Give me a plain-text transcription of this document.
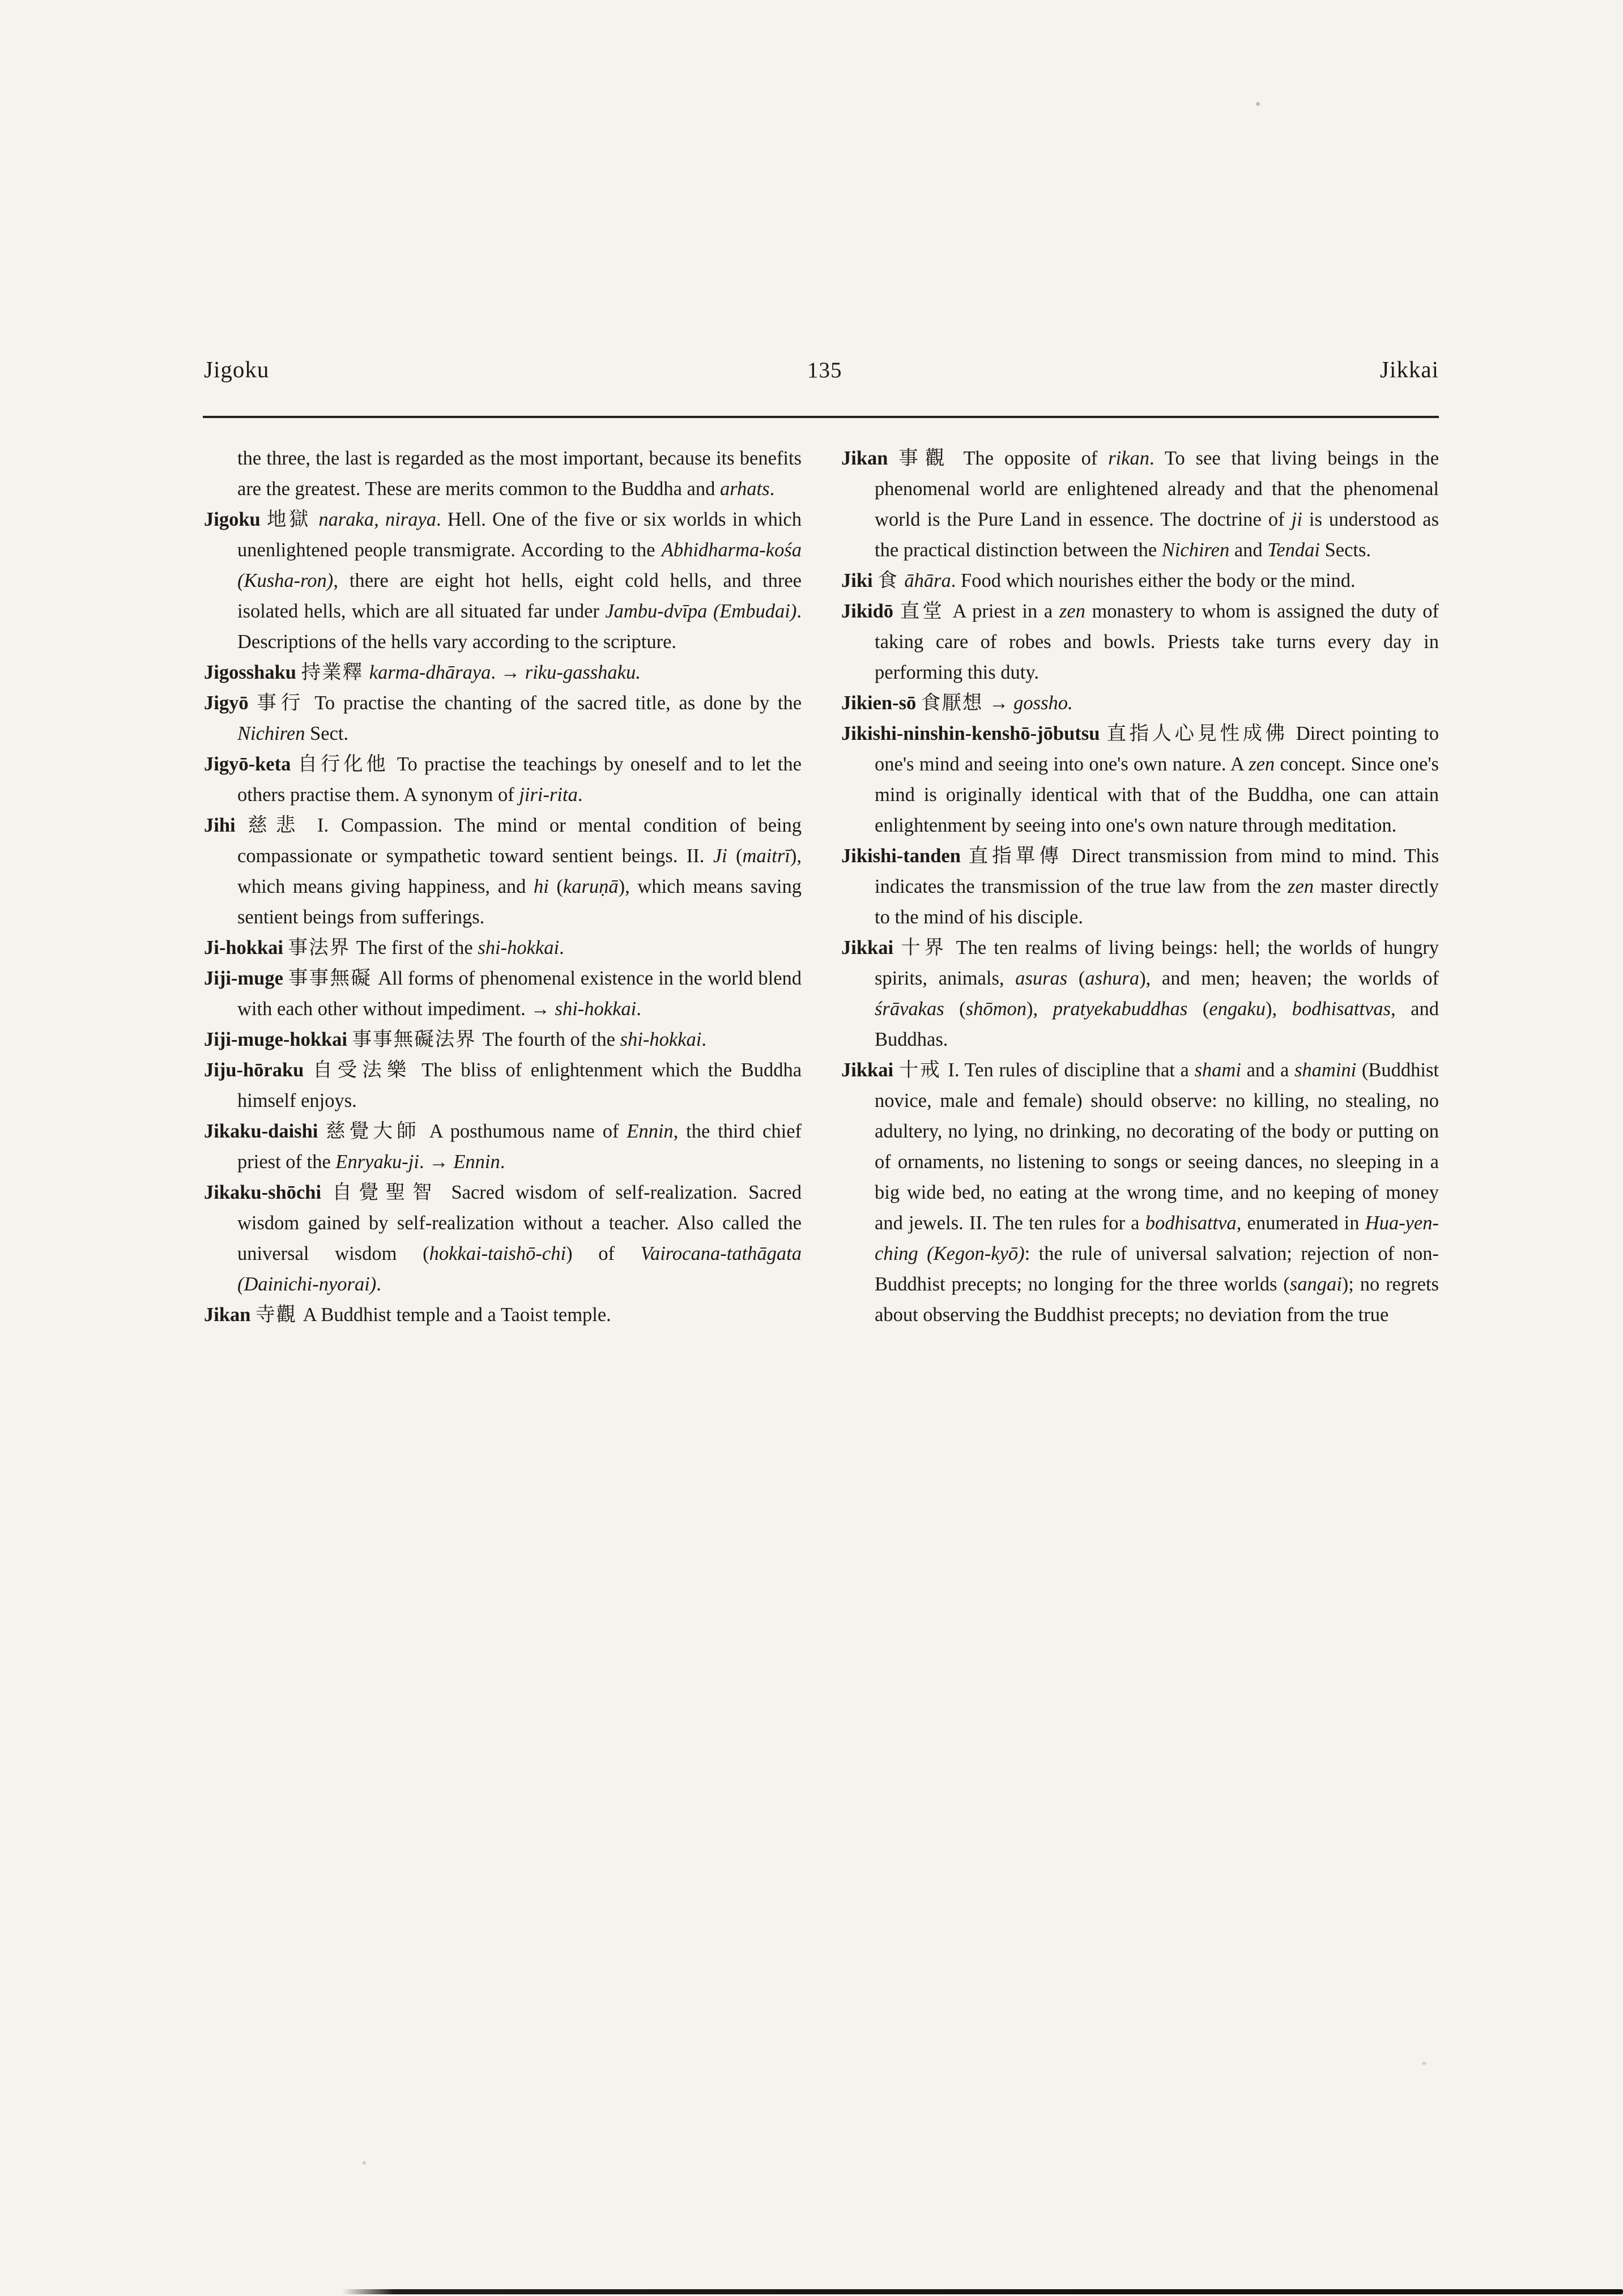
Jigoku	135	Jikkai

the three, the last is regarded as the most important, because its benefits are the greatest. These are merits common to the Buddha and arhats.

Jigoku 地獄 naraka, niraya. Hell. One of the five or six worlds in which unenlightened people transmigrate. According to the Abhidharma-kośa (Kusha-ron), there are eight hot hells, eight cold hells, and three isolated hells, which are all situated far under Jambu-dvīpa (Embudai). Descriptions of the hells vary according to the scripture.

Jigosshaku 持業釋 karma-dhāraya. → riku-gasshaku.

Jigyō 事行 To practise the chanting of the sacred title, as done by the Nichiren Sect.

Jigyō-keta 自行化他 To practise the teachings by oneself and to let the others practise them. A synonym of jiri-rita.

Jihi 慈悲 I. Compassion. The mind or mental condition of being compassionate or sympathetic toward sentient beings. II. Ji (maitrī), which means giving happiness, and hi (karuṇā), which means saving sentient beings from sufferings.

Ji-hokkai 事法界 The first of the shi-hokkai.

Jiji-muge 事事無礙 All forms of phenomenal existence in the world blend with each other without impediment. → shi-hokkai.

Jiji-muge-hokkai 事事無礙法界 The fourth of the shi-hokkai.

Jiju-hōraku 自受法樂 The bliss of enlightenment which the Buddha himself enjoys.

Jikaku-daishi 慈覺大師 A posthumous name of Ennin, the third chief priest of the Enryaku-ji. → Ennin.

Jikaku-shōchi 自覺聖智 Sacred wisdom of self-realization. Sacred wisdom gained by self-realization without a teacher. Also called the universal wisdom (hokkai-taishō-chi) of Vairocana-tathāgata (Dainichi-nyorai).

Jikan 寺觀 A Buddhist temple and a Taoist temple.

Jikan 事觀 The opposite of rikan. To see that living beings in the phenomenal world are enlightened already and that the phenomenal world is the Pure Land in essence. The doctrine of ji is understood as the practical distinction between the Nichiren and Tendai Sects.

Jiki 食 āhāra. Food which nourishes either the body or the mind.

Jikidō 直堂 A priest in a zen monastery to whom is assigned the duty of taking care of robes and bowls. Priests take turns every day in performing this duty.

Jikien-sō 食厭想 → gossho.

Jikishi-ninshin-kenshō-jōbutsu 直指人心見性成佛 Direct pointing to one's mind and seeing into one's own nature. A zen concept. Since one's mind is originally identical with that of the Buddha, one can attain enlightenment by seeing into one's own nature through meditation.

Jikishi-tanden 直指單傳 Direct transmission from mind to mind. This indicates the transmission of the true law from the zen master directly to the mind of his disciple.

Jikkai 十界 The ten realms of living beings: hell; the worlds of hungry spirits, animals, asuras (ashura), and men; heaven; the worlds of śrāvakas (shōmon), pratyekabuddhas (engaku), bodhisattvas, and Buddhas.

Jikkai 十戒 I. Ten rules of discipline that a shami and a shamini (Buddhist novice, male and female) should observe: no killing, no stealing, no adultery, no lying, no drinking, no decorating of the body or putting on of ornaments, no listening to songs or seeing dances, no sleeping in a big wide bed, no eating at the wrong time, and no keeping of money and jewels. II. The ten rules for a bodhisattva, enumerated in Hua-yen-ching (Kegon-kyō): the rule of universal salvation; rejection of non-Buddhist precepts; no longing for the three worlds (sangai); no regrets about observing the Buddhist precepts; no deviation from the true
